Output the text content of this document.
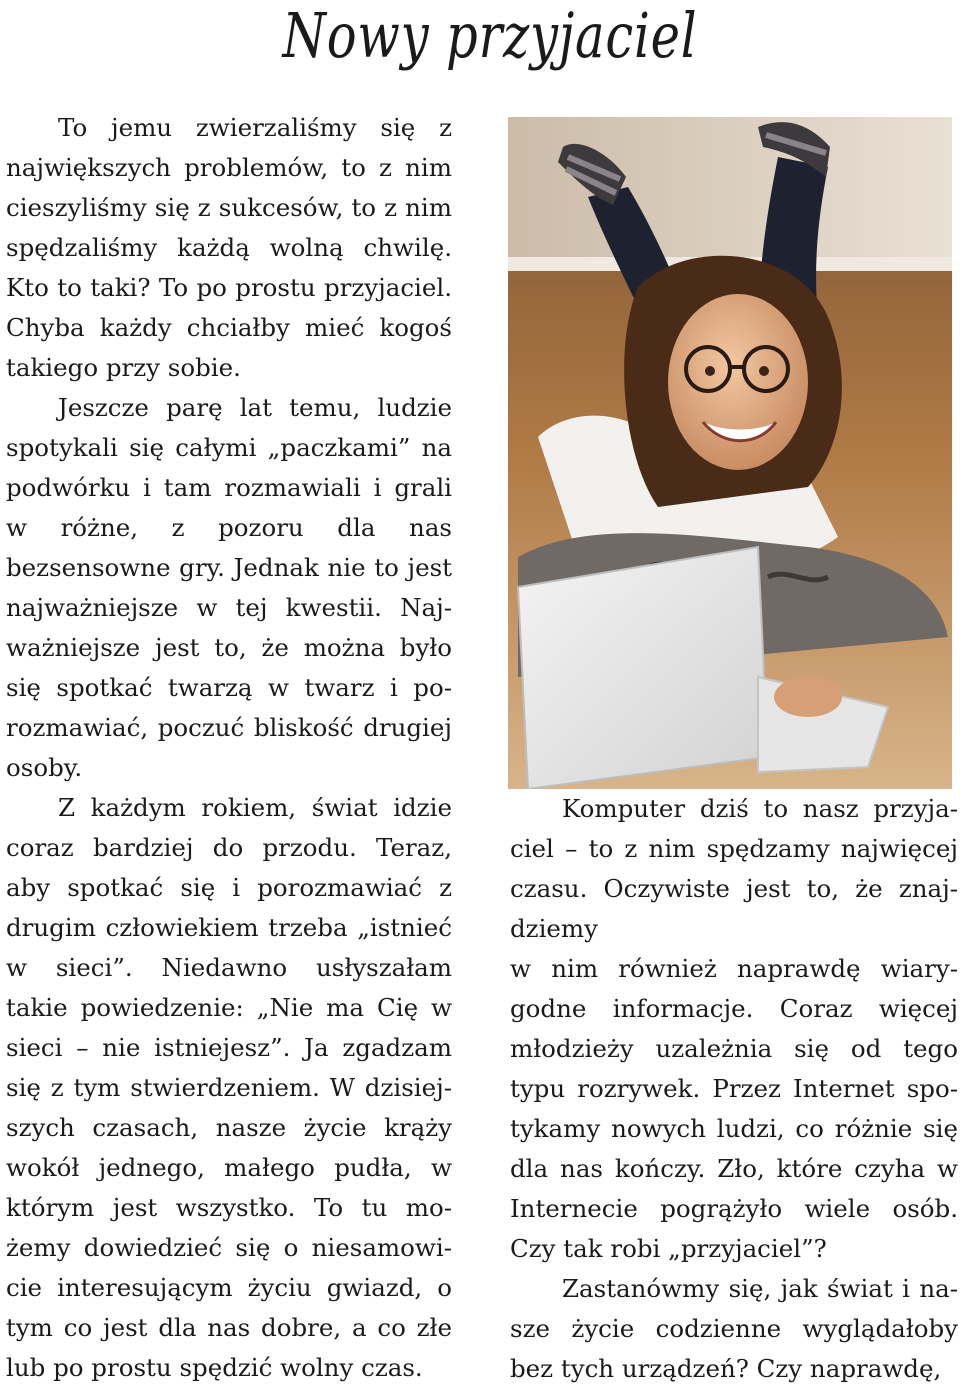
Nowy przyjaciel

To jemu zwierzaliśmy się z największych problemów, to z nim cieszyliśmy się z sukcesów, to z nim spędzaliśmy każdą wolną chwilę. Kto to taki? To po prostu przyjaciel. Chyba każdy chciałby mieć kogoś takiego przy sobie.

Jeszcze parę lat temu, ludzie spotykali się całymi „paczkami” na podwórku i tam rozmawiali i grali w różne, z pozoru dla nas bezsensowne gry. Jednak nie to jest najważniejsze w tej kwestii. Najważniejsze jest to, że można było się spotkać twarzą w twarz i porozmawiać, poczuć bliskość drugiej osoby.

Z każdym rokiem, świat idzie coraz bardziej do przodu. Teraz, aby spotkać się i porozmawiać z drugim człowiekiem trzeba „istnieć w sieci”. Niedawno usłyszałam takie powiedzenie: „Nie ma Cię w sieci – nie istniejesz”. Ja zgadzam się z tym stwierdzeniem. W dzisiejszych czasach, nasze życie krąży wokół jednego, małego pudła, w którym jest wszystko. To tu możemy dowiedzieć się o niesamowicie interesującym życiu gwiazd, o tym co jest dla nas dobre, a co złe lub po prostu spędzić wolny czas.

Komputer dziś to nasz przyjaciel – to z nim spędzamy najwięcej czasu. Oczywiste jest to, że znajdziemy

w nim również naprawdę wiarygodne informacje. Coraz więcej młodzieży uzależnia się od tego typu rozrywek. Przez Internet spotykamy nowych ludzi, co różnie się dla nas kończy. Zło, które czyha w Internecie pogrążyło wiele osób. Czy tak robi „przyjaciel”?

Zastanówmy się, jak świat i nasze życie codzienne wyglądałoby bez tych urządzeń? Czy naprawdę,
